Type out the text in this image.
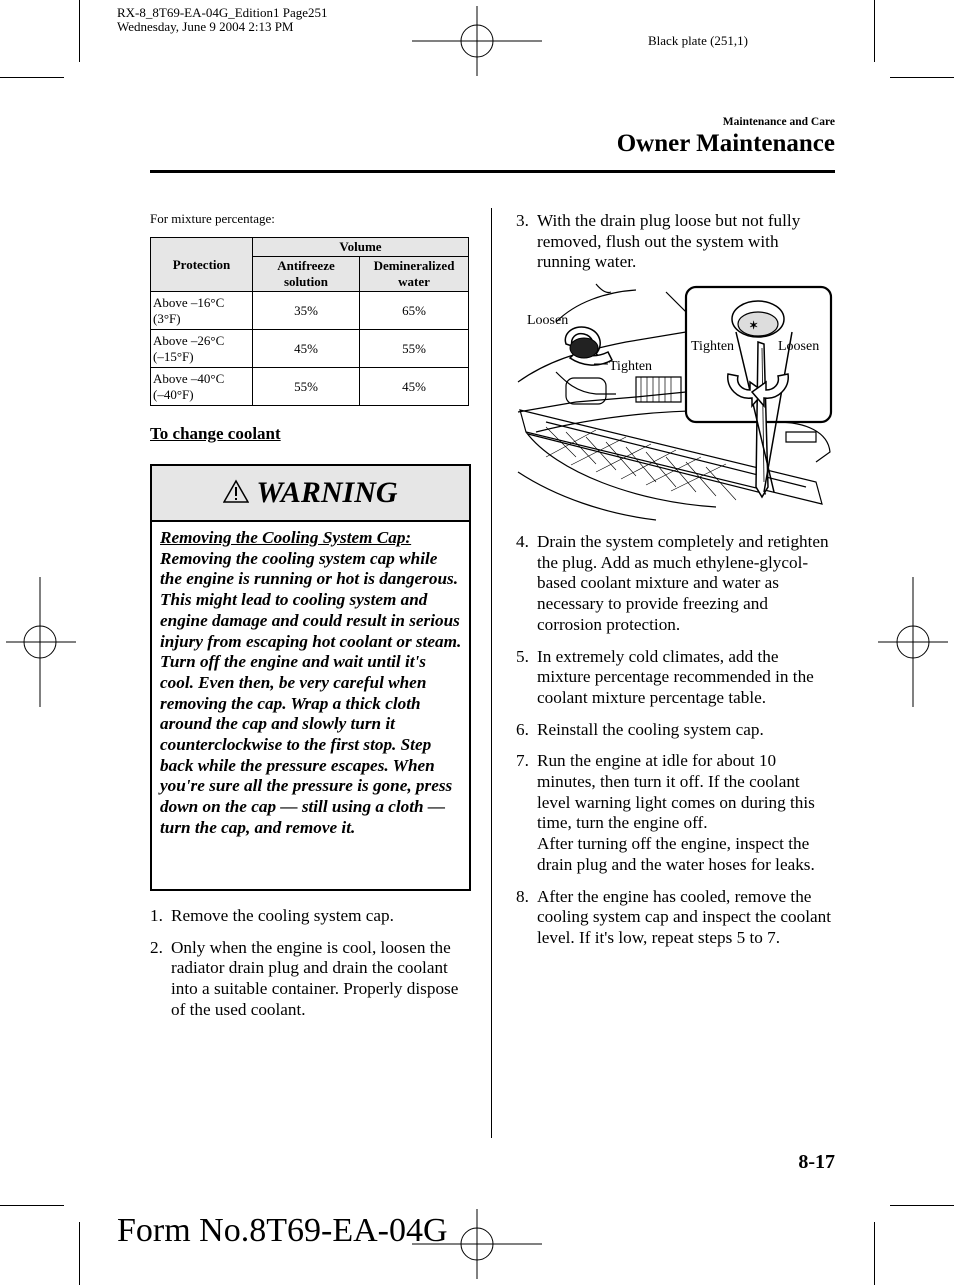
RX-8_8T69-EA-04G_Edition1 Page251
Wednesday, June 9 2004 2:13 PM
Black plate (251,1)
Maintenance and Care
Owner Maintenance
For mixture percentage:
Protection	Volume	
	Antifreeze solution	Demineralized water
Above –16°C
(3°F)	35%	65%
Above –26°C
(–15°F)	45%	55%
Above –40°C
(–40°F)	55%	45%
To change coolant
WARNING
Removing the Cooling System Cap:
Removing the cooling system cap while the engine is running or hot is dangerous. This might lead to cooling system and engine damage and could result in serious injury from escaping hot coolant or steam. Turn off the engine and wait until it's cool. Even then, be very careful when removing the cap. Wrap a thick cloth around the cap and slowly turn it counterclockwise to the first stop. Step back while the pressure escapes. When you're sure all the pressure is gone, press down on the cap — still using a cloth — turn the cap, and remove it.
1. Remove the cooling system cap.
2. Only when the engine is cool, loosen the radiator drain plug and drain the coolant into a suitable container. Properly dispose of the used coolant.
3. With the drain plug loose but not fully removed, flush out the system with running water.
Loosen
Tighten
✶
Tighten	Loosen
4. Drain the system completely and retighten the plug. Add as much ethylene-glycol-based coolant mixture and water as necessary to provide freezing and corrosion protection.
5. In extremely cold climates, add the mixture percentage recommended in the coolant mixture percentage table.
6. Reinstall the cooling system cap.
7. Run the engine at idle for about 10 minutes, then turn it off. If the coolant level warning light comes on during this time, turn the engine off.
After turning off the engine, inspect the drain plug and the water hoses for leaks.
8. After the engine has cooled, remove the cooling system cap and inspect the coolant level. If it's low, repeat steps 5 to 7.
8-17
Form No.8T69-EA-04G
